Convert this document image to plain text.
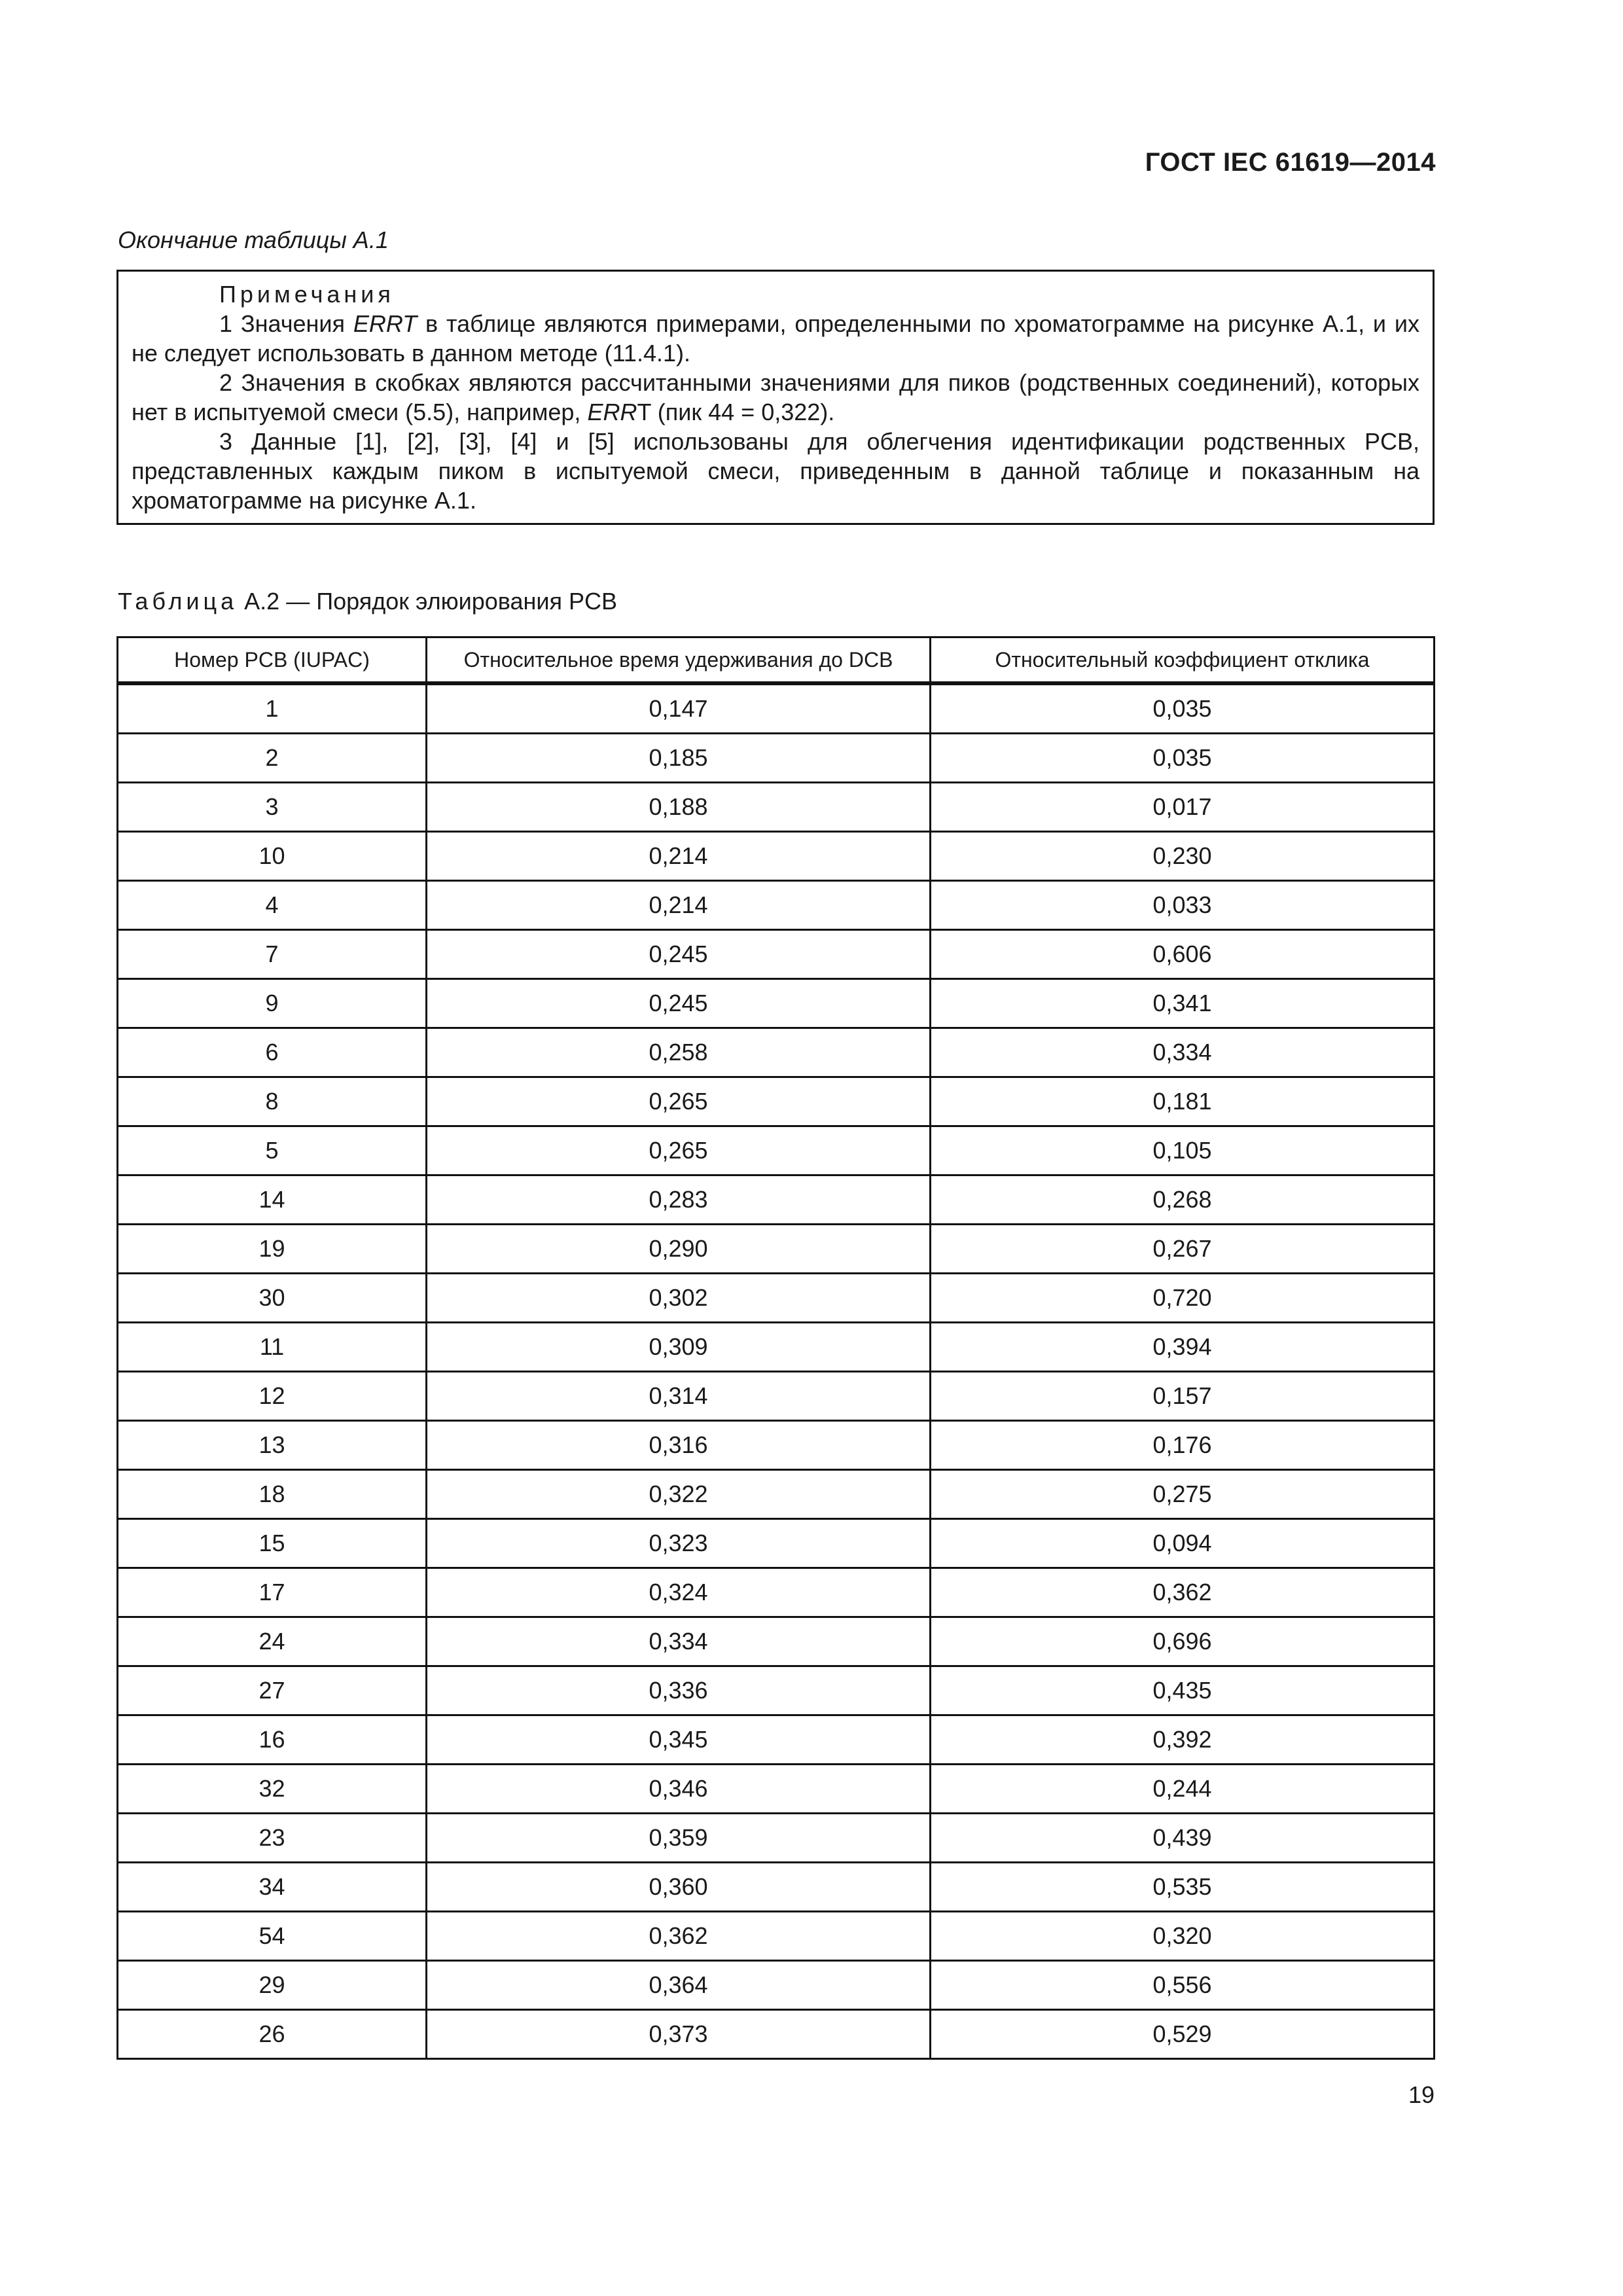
ГОСТ IEC 61619—2014
Окончание таблицы А.1
Примечания
1 Значения ERRT в таблице являются примерами, определенными по хроматограмме на рисунке А.1, и их не следует использовать в данном методе (11.4.1).
2 Значения в скобках являются рассчитанными значениями для пиков (родственных соединений), которых нет в испытуемой смеси (5.5), например, ERRT (пик 44 = 0,322).
3 Данные [1], [2], [3], [4] и [5] использованы для облегчения идентификации родственных PCB, представленных каждым пиком в испытуемой смеси, приведенным в данной таблице и показанным на хроматограмме на рисунке А.1.
Таблица А.2 — Порядок элюирования PCB
Номер PCB (IUPAC)	Относительное время удерживания до DCB	Относительный коэффициент отклика
1	0,147	0,035
2	0,185	0,035
3	0,188	0,017
10	0,214	0,230
4	0,214	0,033
7	0,245	0,606
9	0,245	0,341
6	0,258	0,334
8	0,265	0,181
5	0,265	0,105
14	0,283	0,268
19	0,290	0,267
30	0,302	0,720
11	0,309	0,394
12	0,314	0,157
13	0,316	0,176
18	0,322	0,275
15	0,323	0,094
17	0,324	0,362
24	0,334	0,696
27	0,336	0,435
16	0,345	0,392
32	0,346	0,244
23	0,359	0,439
34	0,360	0,535
54	0,362	0,320
29	0,364	0,556
26	0,373	0,529
19
